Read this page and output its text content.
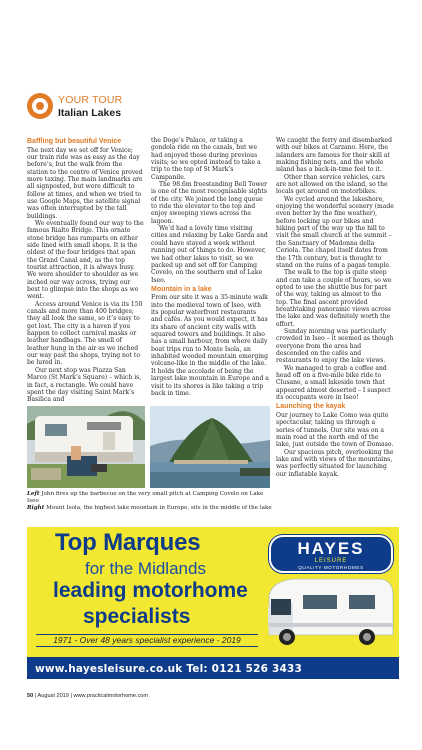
YOUR TOUR
Italian Lakes
Baffling but beautiful Venice

The next day we set off for Venice; our train ride was as easy as the day before’s, but the walk from the station to the centre of Venice proved more taxing. The main landmarks are all signposted, but were difficult to follow at times, and when we tried to use Google Maps, the satellite signal was often interrupted by the tall buildings.

We eventually found our way to the famous Rialto Bridge. This ornate stone bridge has ramparts on either side lined with small shops. It is the oldest of the four bridges that span the Grand Canal and, as the top tourist attraction, it is always busy. We were shoulder to shoulder as we inched our way across, trying our best to glimpse into the shops as we went.

Access around Venice is via its 150 canals and more than 400 bridges; they all look the same, so it’s easy to get lost. The city is a haven if you happen to collect carnival masks or leather handbags. The smell of leather hung in the air as we inched our way past the shops, trying not to be lured in.

Our next stop was Piazza San Marco (St Mark’s Square) – which is, in fact, a rectangle. We could have spent the day visiting Saint Mark’s Basilica and

the Doge’s Palace, or taking a gondola ride on the canals, but we had enjoyed these during previous visits; so we opted instead to take a trip to the top of St Mark’s Campanile.

The 98.6m freestanding Bell Tower is one of the most recognisable sights of the city. We joined the long queue to ride the elevator to the top and enjoy sweeping views across the lagoon.

We’d had a lovely time visiting cities and relaxing by Lake Garda and could have stayed a week without running out of things to do. However, we had other lakes to visit, so we packed up and set off for Camping Covelo, on the southern end of Lake Iseo.

Mountain in a lake

From our site it was a 35-minute walk into the medieval town of Iseo, with its popular waterfront restaurants and cafés. As you would expect, it has its share of ancient city walls with squared towers and buildings. It also has a small harbour, from where daily boat trips run to Monte Isola, an inhabited wooded mountain emerging volcano-like in the middle of the lake. It holds the accolade of being the largest lake mountain in Europe and a visit to its shores is like taking a trip back in time.

We caught the ferry and disembarked with our bikes at Carzano. Here, the islanders are famous for their skill at making fishing nets, and the whole island has a back-in-time feel to it.

Other than service vehicles, cars are not allowed on the island, so the locals get around on motorbikes.

We cycled around the lakeshore, enjoying the wonderful scenery (made even better by the fine weather), before locking up our bikes and hiking part of the way up the hill to visit the small church at the summit – the Sanctuary of Madonna della Ceriola. The chapel itself dates from the 17th century, but is thought to stand on the ruins of a pagan temple.

The walk to the top is quite steep and can take a couple of hours, so we opted to use the shuttle bus for part of the way, taking us almost to the top. The final ascent provided breathtaking panoramic views across the lake and was definitely worth the effort.

Sunday morning was particularly crowded in Iseo – it seemed as though everyone from the area had descended on the cafés and restaurants to enjoy the lake views.

We managed to grab a coffee and head off on a five-mile bike ride to Clusane, a small lakeside town that appeared almost deserted – I suspect its occupants were in Iseo!

Launching the kayak

Our journey to Lake Como was quite spectacular, taking us through a series of tunnels. Our site was on a main road at the north end of the lake, just outside the town of Domaso.

Our spacious pitch, overlooking the lake and with views of the mountains, was perfectly situated for launching our inflatable kayak.

Left John fires up the barbecue on the very small pitch at Camping Covelo on Lake Iseo
Right Mount Isola, the highest lake mountain in Europe, sits in the middle of the lake
Top Marques
for the Midlands
leading motorhome
specialists
1971 - Over 48 years specialist experience - 2019
HAYES
LEISURE
QUALITY MOTORHOMES
www.hayesleisure.co.uk Tel: 0121 526 3433
50 | August 2019 | www.practicalmotorhome.com
